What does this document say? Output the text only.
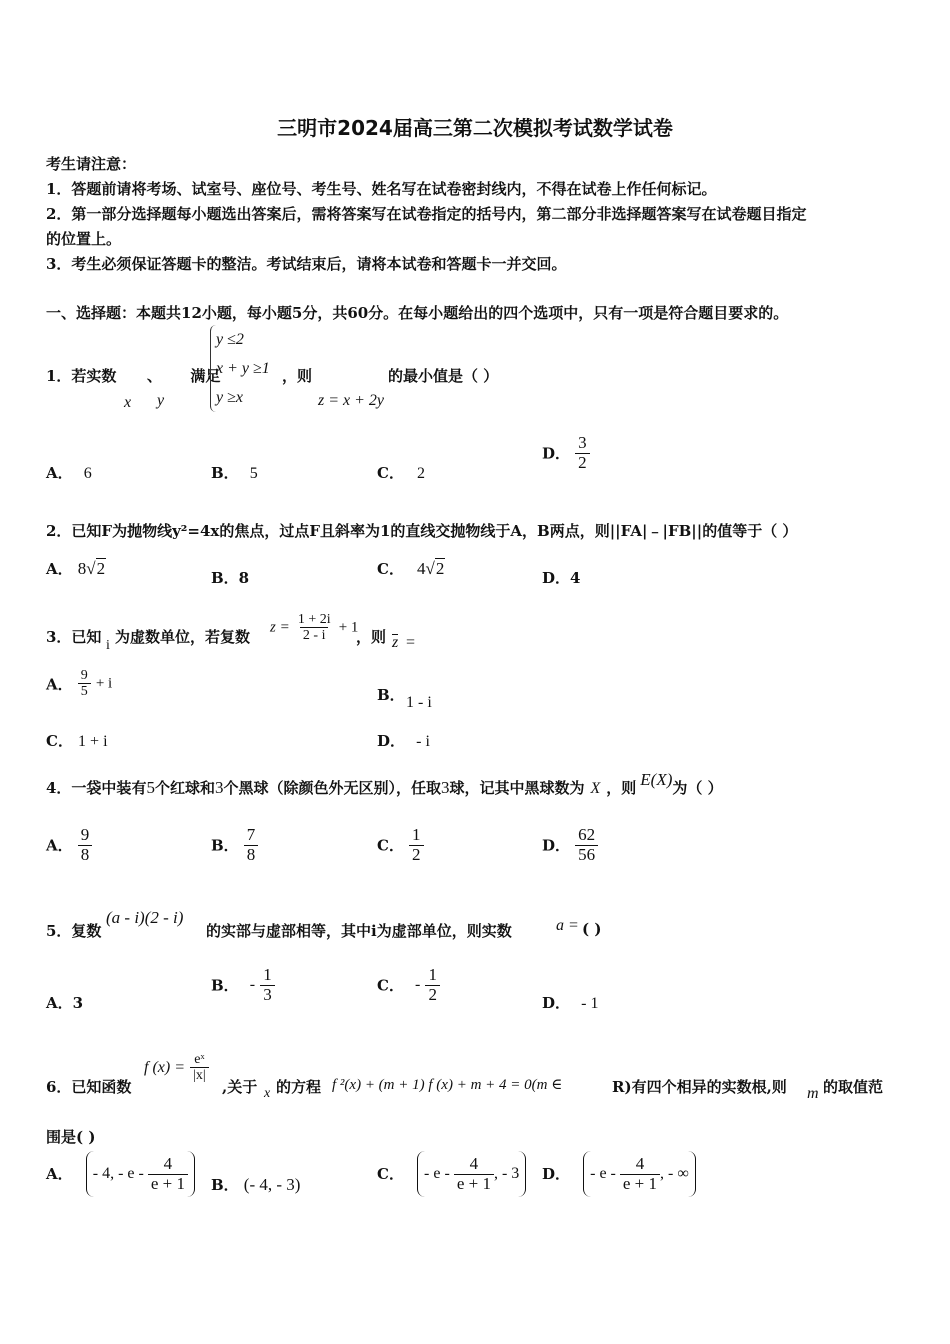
三明市2024届高三第二次模拟考试数学试卷
考生请注意：
1．答题前请将考场、试室号、座位号、考生号、姓名写在试卷密封线内，不得在试卷上作任何标记。
2．第一部分选择题每小题选出答案后，需将答案写在试卷指定的括号内，第二部分非选择题答案写在试卷题目指定
的位置上。
3．考生必须保证答题卡的整洁。考试结束后，请将本试卷和答题卡一并交回。
一、选择题：本题共12小题，每小题5分，共60分。在每小题给出的四个选项中，只有一项是符合题目要求的。
1．若实数 、 满足
x y
y ≤2
x + y ≥1
y ≥x
，则
z = x + 2y
的最小值是（ ）
A． 6	B． 5	C． 2
D． $\frac{3}{2}$
2．已知F为抛物线y²=4x的焦点，过点F且斜率为1的直线交抛物线于A，B两点，则||FA|﹣|FB||的值等于（ ）
A． 8√2	B．8	C． 4√2	D．4
3．已知 i 为虚数单位，若复数
$z = \frac{1 + 2i}{2 - i} + 1$
，则 z =
A． $\frac{9}{5} + i$
B． 1 - i
C． 1 + i	D． - i
4．一袋中装有5个红球和3个黑球（除颜色外无区别），任取3球，记其中黑球数为 X ，则 E(X)为（ ）
A． $\frac{9}{8}$	B． $\frac{7}{8}$	C． $\frac{1}{2}$	D． $\frac{62}{56}$
5．复数
(a - i)(2 - i)
的实部与虚部相等，其中i为虚部单位，则实数	a = ( )
A．3
B． - $\frac{1}{3}$	C． - $\frac{1}{2}$	D． - 1
6．已知函数
f $(x) = \frac{\text{eˣ}}{|x|}$
,关于 x 的方程 f ²(x) + (m + 1) f (x) + m + 4 = 0(m ∈	R)有四个相异的实数根,则 m 的取值范
围是( )
A． - 4, - e - $\frac{4}{e + 1}$ B． (- 4, - 3)
C． - e - $\frac{4}{e + 1}$ , - 3 D． - e - $\frac{4}{e + 1}$ , - ∞
